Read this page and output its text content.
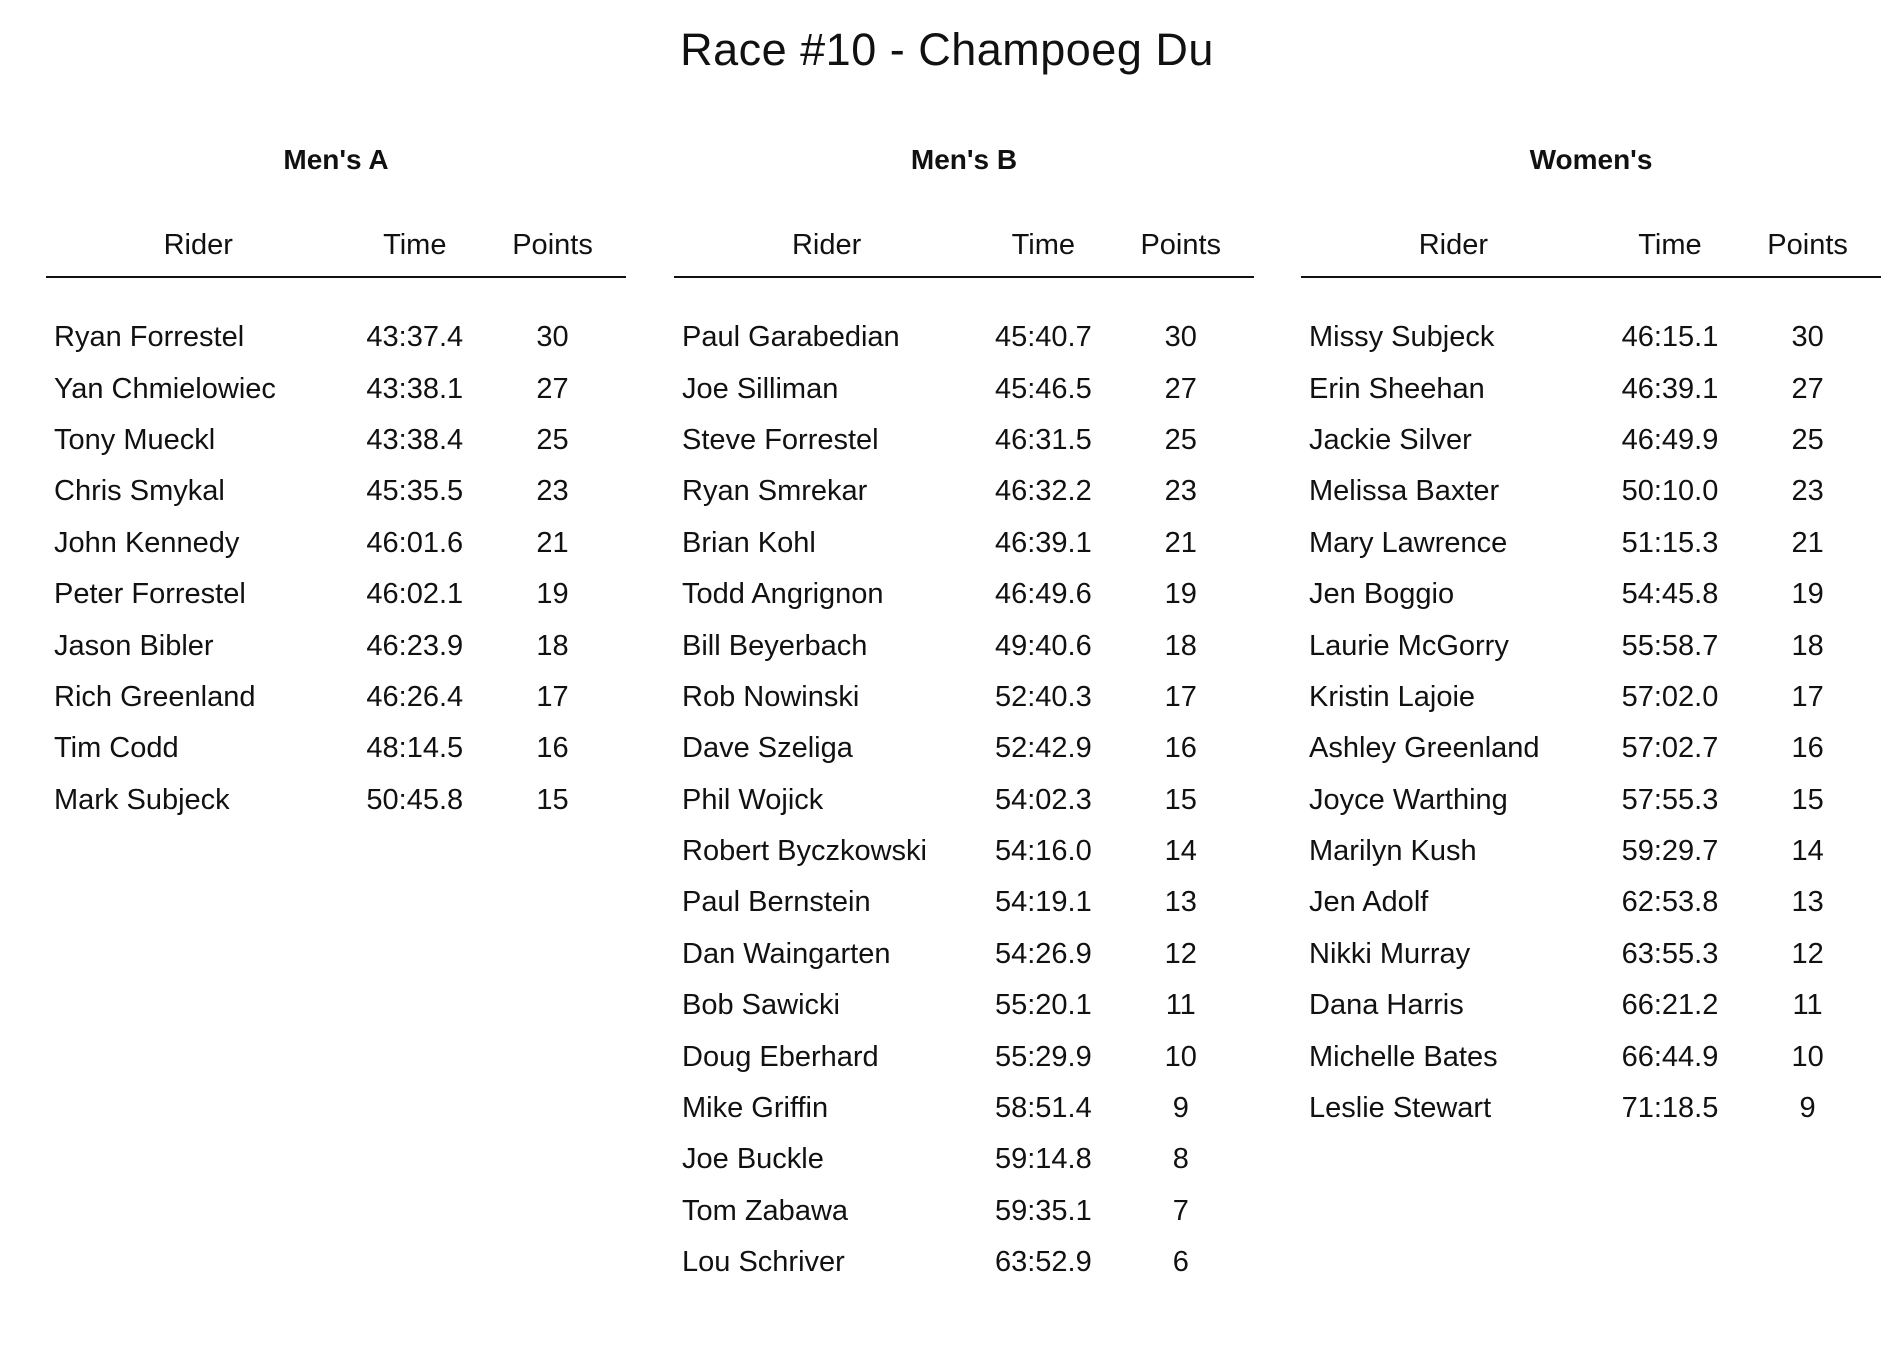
Race #10 - Champoeg Du
Men's A
Rider	Time	Points

Ryan Forrestel	43:37.4	30
Yan Chmielowiec	43:38.1	27
Tony Mueckl	43:38.4	25
Chris Smykal	45:35.5	23
John Kennedy	46:01.6	21
Peter Forrestel	46:02.1	19
Jason Bibler	46:23.9	18
Rich Greenland	46:26.4	17
Tim Codd	48:14.5	16
Mark Subjeck	50:45.8	15
Men's B
Rider	Time	Points

Paul Garabedian	45:40.7	30
Joe Silliman	45:46.5	27
Steve Forrestel	46:31.5	25
Ryan Smrekar	46:32.2	23
Brian Kohl	46:39.1	21
Todd Angrignon	46:49.6	19
Bill Beyerbach	49:40.6	18
Rob Nowinski	52:40.3	17
Dave Szeliga	52:42.9	16
Phil Wojick	54:02.3	15
Robert Byczkowski	54:16.0	14
Paul Bernstein	54:19.1	13
Dan Waingarten	54:26.9	12
Bob Sawicki	55:20.1	11
Doug Eberhard	55:29.9	10
Mike Griffin	58:51.4	9
Joe Buckle	59:14.8	8
Tom Zabawa	59:35.1	7
Lou Schriver	63:52.9	6
Women's
Rider	Time	Points

Missy Subjeck	46:15.1	30
Erin Sheehan	46:39.1	27
Jackie Silver	46:49.9	25
Melissa Baxter	50:10.0	23
Mary Lawrence	51:15.3	21
Jen Boggio	54:45.8	19
Laurie McGorry	55:58.7	18
Kristin Lajoie	57:02.0	17
Ashley Greenland	57:02.7	16
Joyce Warthing	57:55.3	15
Marilyn Kush	59:29.7	14
Jen Adolf	62:53.8	13
Nikki Murray	63:55.3	12
Dana Harris	66:21.2	11
Michelle Bates	66:44.9	10
Leslie Stewart	71:18.5	9
